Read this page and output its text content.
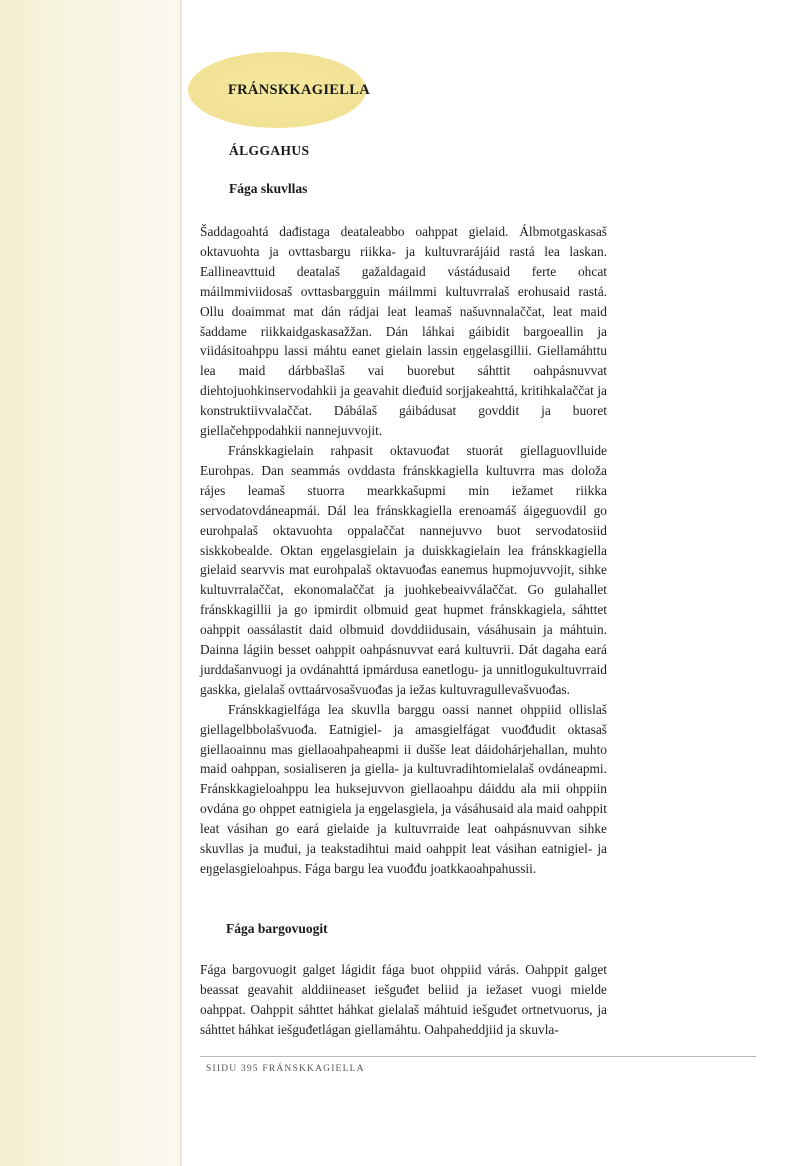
FRÁNSKKAGIELLA
ÁLGGAHUS
Fága skuvllas

Šaddagoahtá dađistaga deataleabbo oahppat gielaid. Álbmotgaskasaš oktavuohta ja ovttasbargu riikka- ja kultuvrarájáid rastá lea laskan. Eallineavttuid deatalaš gažaldagaid vástádusaid ferte ohcat máilmmiviidosaš ovttasbargguin máilmmi kultuvrralaš erohusaid rastá. Ollu doaimmat mat dán rádjai leat leamaš našuvnnalaččat, leat maid šaddame riikkaidgaskasažžan. Dán láhkai gáibidit bargoeallin ja viidásitoahppu lassi máhtu eanet gielain lassin eŋgelasgillii. Giellamáhttu lea maid dárbbašlaš vai buorebut sáhttit oahpásnuvvat diehtojuohkinservodahkii ja geavahit dieđuid sorjjakeahttá, kritihkalaččat ja konstruktiivvalaččat. Dábálaš gáibádusat govddit ja buoret giellačehppodahkii nannejuvvojit.

Fránskkagielain rahpasit oktavuođat stuorát giellaguovlluide Eurohpas. Dan seammás ovddasta fránskkagiella kultuvrra mas doloža rájes leamaš stuorra mearkkašupmi min iežamet riikka servodatovdáneapmái. Dál lea fránskkagiella erenoamáš áigeguovdil go eurohpalaš oktavuohta oppalaččat nannejuvvo buot servodatosiid siskkobealde. Oktan eŋgelasgielain ja duiskkagielain lea fránskkagiella gielaid searvvis mat eurohpalaš oktavuođas eanemus hupmojuvvojit, sihke kultuvrralaččat, ekonomalaččat ja juohkebeaivválaččat. Go gulahallet fránskkagillii ja go ipmirdit olbmuid geat hupmet fránskkagiela, sáhttet oahppit oassálastit daid olbmuid dovddiidusain, vásáhusain ja máhtuin. Dainna lágiin besset oahppit oahpásnuvvat eará kultuvrii. Dát dagaha eará jurddašanvuogi ja ovdánahttá ipmárdusa eanetlogu- ja unnitlogukultuvrraid gaskka, gielalaš ovttaárvosašvuođas ja iežas kultuvragullevašvuođas.

Fránskkagielfága lea skuvlla barggu oassi nannet ohppiid ollislaš giellagelbbolašvuođa. Eatnigiel- ja amasgielfágat vuođđudit oktasaš giellaoainnu mas giellaoahpaheapmi ii dušše leat dáidohárjehallan, muhto maid oahppan, sosialiseren ja giella- ja kultuvradihtomielalaš ovdáneapmi. Fránskkagieloahppu lea huksejuvvon giellaoahpu dáiddu ala mii ohppiin ovdána go ohppet eatnigiela ja eŋgelasgiela, ja vásáhusaid ala maid oahppit leat vásihan go eará gielaide ja kultuvrraide leat oahpásnuvvan sihke skuvllas ja muđui, ja teakstadihtui maid oahppit leat vásihan eatnigiel- ja eŋgelasgieloahpus. Fága bargu lea vuođđu joatkkaoahpahussii.

Fága bargovuogit

Fága bargovuogit galget lágidit fága buot ohppiid várás. Oahppit galget beassat geavahit alddiineaset iešguđet beliid ja iežaset vuogi mielde oahppat. Oahppit sáhttet háhkat gielalaš máhtuid iešguđet ortnetvuorus, ja sáhttet háhkat iešguđetlágan giellamáhtu. Oahpaheddjiid ja skuvla-

SIIDU 395 FRÁNSKKAGIELLA
